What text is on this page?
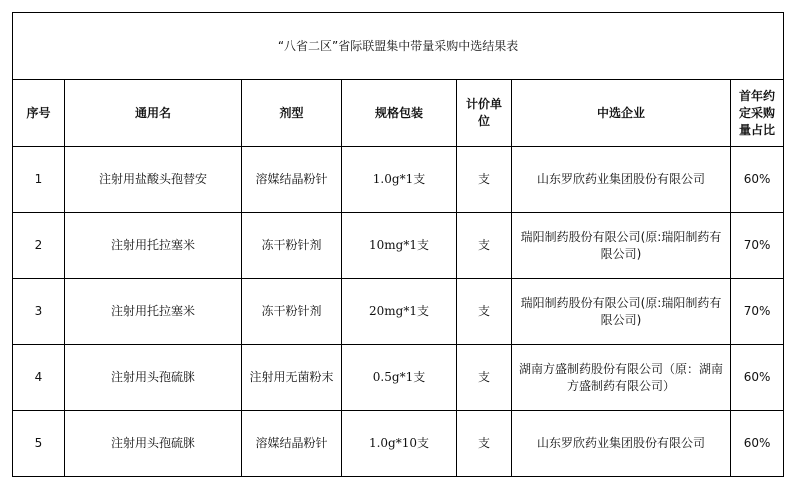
“八省二区”省际联盟集中带量采购中选结果表						
序号	通用名	剂型	规格包装	计价单位	中选企业	首年约定采购量占比
1	注射用盐酸头孢替安	溶媒结晶粉针	1.0g*1支	支	山东罗欣药业集团股份有限公司	60%
2	注射用托拉塞米	冻干粉针剂	10mg*1支	支	瑞阳制药股份有限公司(原:瑞阳制药有限公司)	70%
3	注射用托拉塞米	冻干粉针剂	20mg*1支	支	瑞阳制药股份有限公司(原:瑞阳制药有限公司)	70%
4	注射用头孢硫脒	注射用无菌粉末	0.5g*1支	支	湖南方盛制药股份有限公司（原：湖南方盛制药有限公司）	60%
5	注射用头孢硫脒	溶媒结晶粉针	1.0g*10支	支	山东罗欣药业集团股份有限公司	60%
